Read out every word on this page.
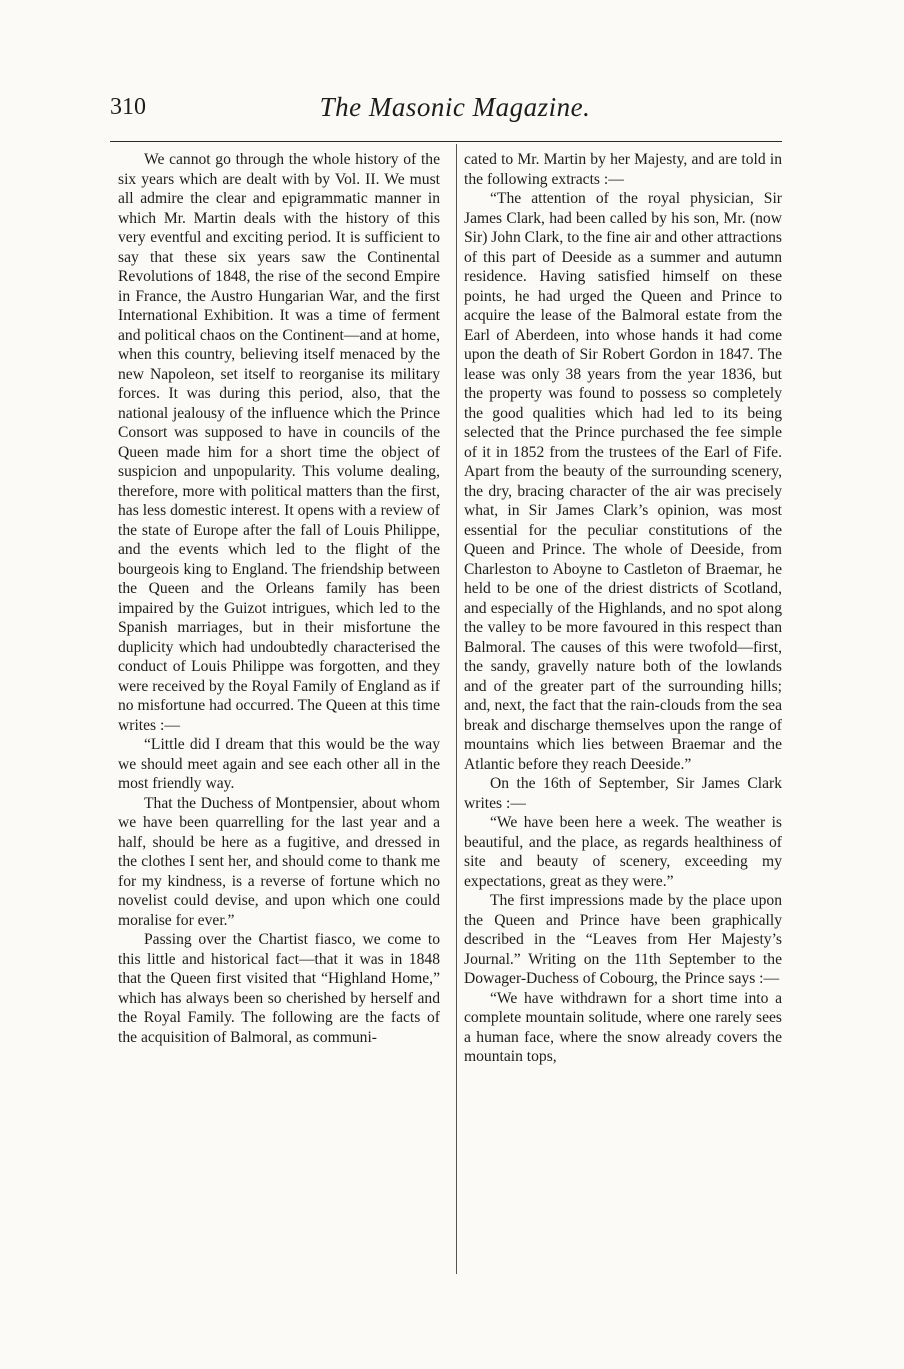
310	The Masonic Magazine.

We cannot go through the whole history of the six years which are dealt with by Vol. II. We must all admire the clear and epigrammatic manner in which Mr. Martin deals with the history of this very eventful and exciting period. It is sufficient to say that these six years saw the Continental Revolutions of 1848, the rise of the second Empire in France, the Austro Hungarian War, and the first International Exhibition. It was a time of ferment and political chaos on the Continent—and at home, when this country, believing itself menaced by the new Napoleon, set itself to reorganise its military forces. It was during this period, also, that the national jealousy of the influence which the Prince Consort was supposed to have in councils of the Queen made him for a short time the object of suspicion and unpopularity. This volume dealing, therefore, more with political matters than the first, has less domestic interest. It opens with a review of the state of Europe after the fall of Louis Philippe, and the events which led to the flight of the bourgeois king to England. The friendship between the Queen and the Orleans family has been impaired by the Guizot intrigues, which led to the Spanish marriages, but in their misfortune the duplicity which had undoubtedly characterised the conduct of Louis Philippe was forgotten, and they were received by the Royal Family of England as if no misfortune had occurred. The Queen at this time writes :—

“Little did I dream that this would be the way we should meet again and see each other all in the most friendly way.

That the Duchess of Montpensier, about whom we have been quarrelling for the last year and a half, should be here as a fugitive, and dressed in the clothes I sent her, and should come to thank me for my kindness, is a reverse of fortune which no novelist could devise, and upon which one could moralise for ever.”

Passing over the Chartist fiasco, we come to this little and historical fact—that it was in 1848 that the Queen first visited that “Highland Home,” which has always been so cherished by herself and the Royal Family. The following are the facts of the acquisition of Balmoral, as communi-

cated to Mr. Martin by her Majesty, and are told in the following extracts :—

“The attention of the royal physician, Sir James Clark, had been called by his son, Mr. (now Sir) John Clark, to the fine air and other attractions of this part of Deeside as a summer and autumn residence. Having satisfied himself on these points, he had urged the Queen and Prince to acquire the lease of the Balmoral estate from the Earl of Aberdeen, into whose hands it had come upon the death of Sir Robert Gordon in 1847. The lease was only 38 years from the year 1836, but the property was found to possess so completely the good qualities which had led to its being selected that the Prince purchased the fee simple of it in 1852 from the trustees of the Earl of Fife. Apart from the beauty of the surrounding scenery, the dry, bracing character of the air was precisely what, in Sir James Clark’s opinion, was most essential for the peculiar constitutions of the Queen and Prince. The whole of Deeside, from Charleston to Aboyne to Castleton of Braemar, he held to be one of the driest districts of Scotland, and especially of the Highlands, and no spot along the valley to be more favoured in this respect than Balmoral. The causes of this were twofold—first, the sandy, gravelly nature both of the lowlands and of the greater part of the surrounding hills; and, next, the fact that the rain-clouds from the sea break and discharge themselves upon the range of mountains which lies between Braemar and the Atlantic before they reach Deeside.”

On the 16th of September, Sir James Clark writes :—

“We have been here a week. The weather is beautiful, and the place, as regards healthiness of site and beauty of scenery, exceeding my expectations, great as they were.”

The first impressions made by the place upon the Queen and Prince have been graphically described in the “Leaves from Her Majesty’s Journal.” Writing on the 11th September to the Dowager-Duchess of Cobourg, the Prince says :—

“We have withdrawn for a short time into a complete mountain solitude, where one rarely sees a human face, where the snow already covers the mountain tops,
